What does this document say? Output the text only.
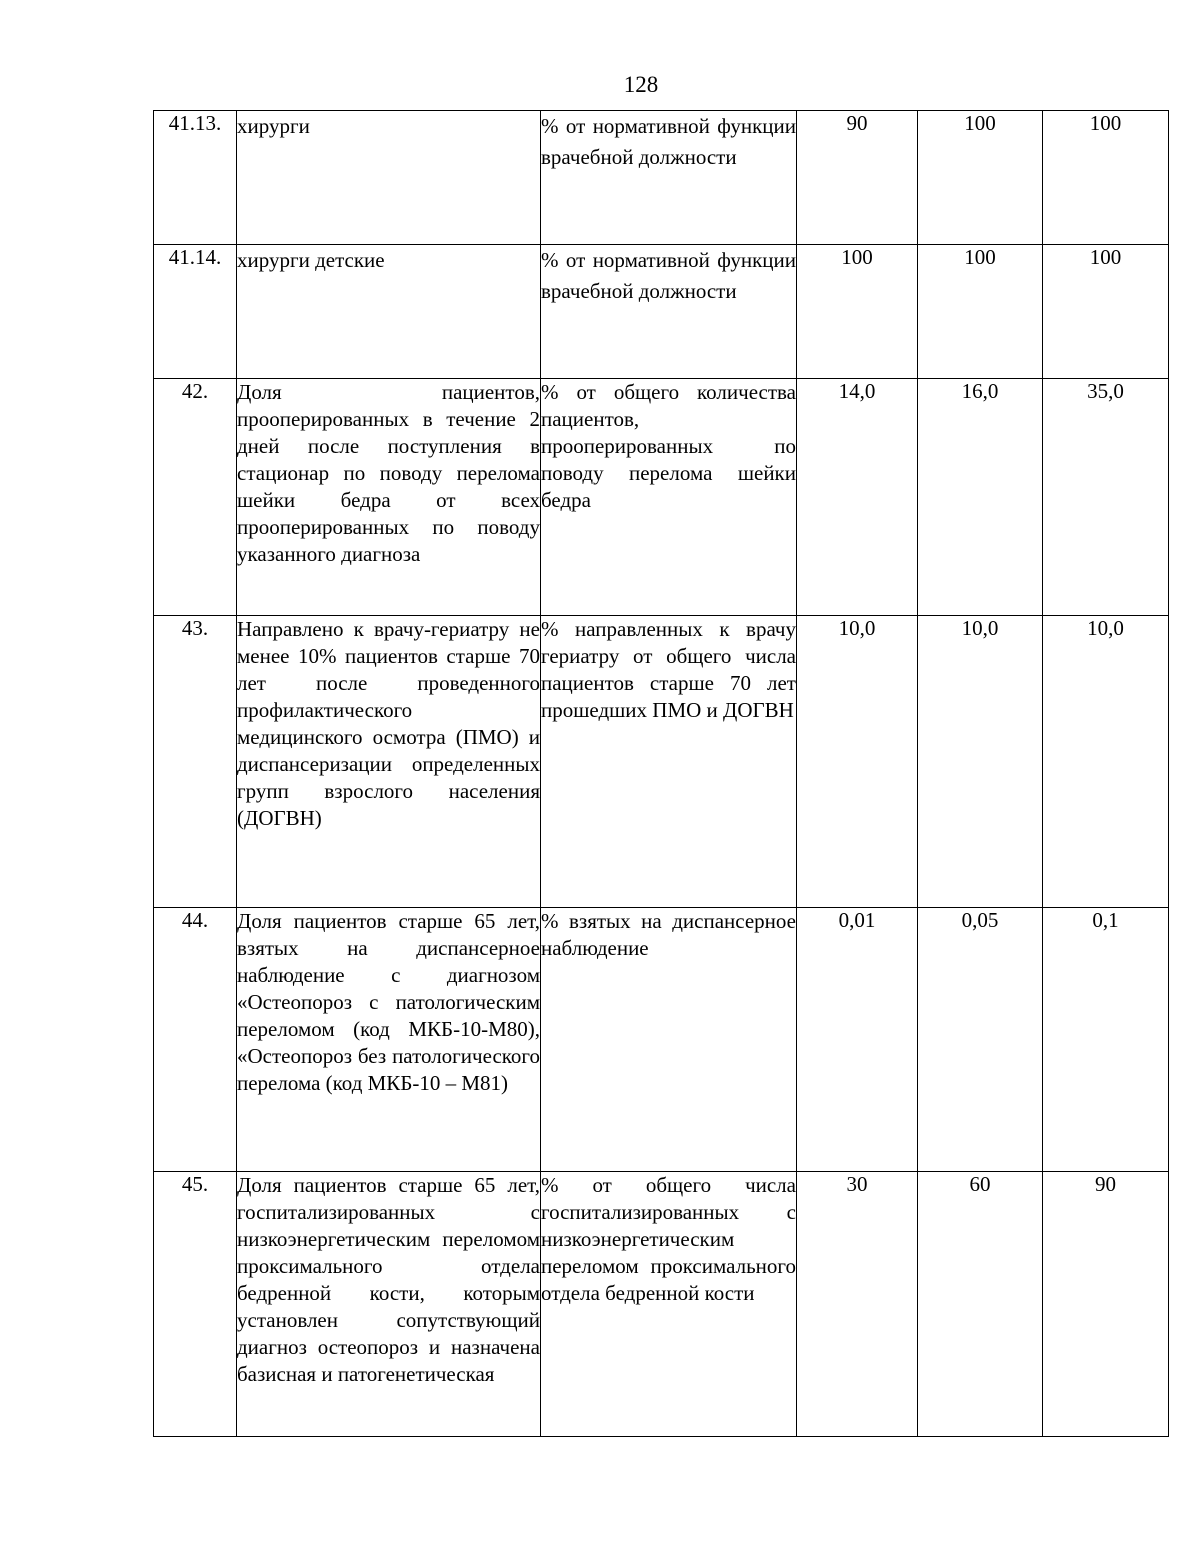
128
41.13.	хирурги	% от нормативной функции врачебной должности	90	100	100
41.14.	хирурги детские	% от нормативной функции врачебной должности	100	100	100
42.	Доля пациентов, прооперированных в течение 2 дней после поступления в стационар по поводу перелома шейки бедра от всех прооперированных по поводу указанного диагноза	% от общего количества пациентов, прооперированных по поводу перелома шейки бедра	14,0	16,0	35,0
43.	Направлено к врачу-гериатру не менее 10% пациентов старше 70 лет после проведенного профилактического медицинского осмотра (ПМО) и диспансеризации определенных групп взрослого населения (ДОГВН)	% направленных к врачу гериатру от общего числа пациентов старше 70 лет прошедших ПМО и ДОГВН	10,0	10,0	10,0
44.	Доля пациентов старше 65 лет, взятых на диспансерное наблюдение с диагнозом «Остеопороз с патологическим переломом (код МКБ-10-М80), «Остеопороз без патологического перелома (код МКБ-10 – М81)	% взятых на диспансерное наблюдение	0,01	0,05	0,1
45.	Доля пациентов старше 65 лет, госпитализированных с низкоэнергетическим переломом проксимального отдела бедренной кости, которым установлен сопутствующий диагноз остеопороз и назначена базисная и патогенетическая	% от общего числа госпитализированных с низкоэнергетическим переломом проксимального отдела бедренной кости	30	60	90
